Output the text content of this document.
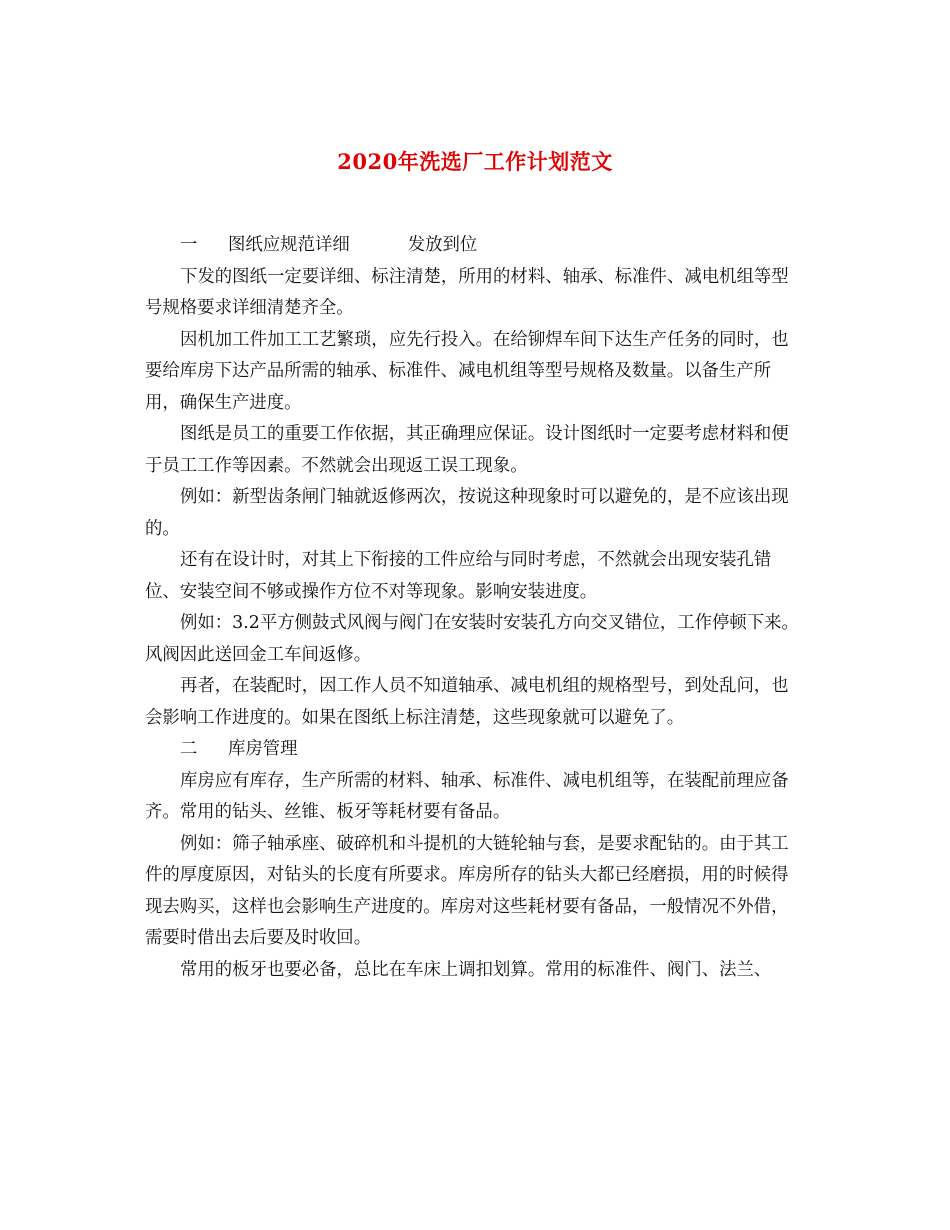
2020年洗选厂工作计划范文

一 图纸应规范详细	发放到位

下发的图纸一定要详细、标注清楚，所用的材料、轴承、标准件、减电机组等型号规格要求详细清楚齐全。

因机加工件加工工艺繁琐，应先行投入。在给铆焊车间下达生产任务的同时，也要给库房下达产品所需的轴承、标准件、减电机组等型号规格及数量。以备生产所用，确保生产进度。

图纸是员工的重要工作依据，其正确理应保证。设计图纸时一定要考虑材料和便于员工工作等因素。不然就会出现返工误工现象。

例如：新型齿条闸门轴就返修两次，按说这种现象时可以避免的，是不应该出现的。

还有在设计时，对其上下衔接的工件应给与同时考虑，不然就会出现安装孔错位、安装空间不够或操作方位不对等现象。影响安装进度。

例如：3.2平方侧鼓式风阀与阀门在安装时安装孔方向交叉错位，工作停顿下来。风阀因此送回金工车间返修。

再者，在装配时，因工作人员不知道轴承、减电机组的规格型号，到处乱问，也会影响工作进度的。如果在图纸上标注清楚，这些现象就可以避免了。

二 库房管理

库房应有库存，生产所需的材料、轴承、标准件、减电机组等，在装配前理应备齐。常用的钻头、丝锥、板牙等耗材要有备品。

例如：筛子轴承座、破碎机和斗提机的大链轮轴与套，是要求配钻的。由于其工件的厚度原因，对钻头的长度有所要求。库房所存的钻头大都已经磨损，用的时候得现去购买，这样也会影响生产进度的。库房对这些耗材要有备品，一般情况不外借，需要时借出去后要及时收回。

常用的板牙也要必备，总比在车床上调扣划算。常用的标准件、阀门、法兰、
